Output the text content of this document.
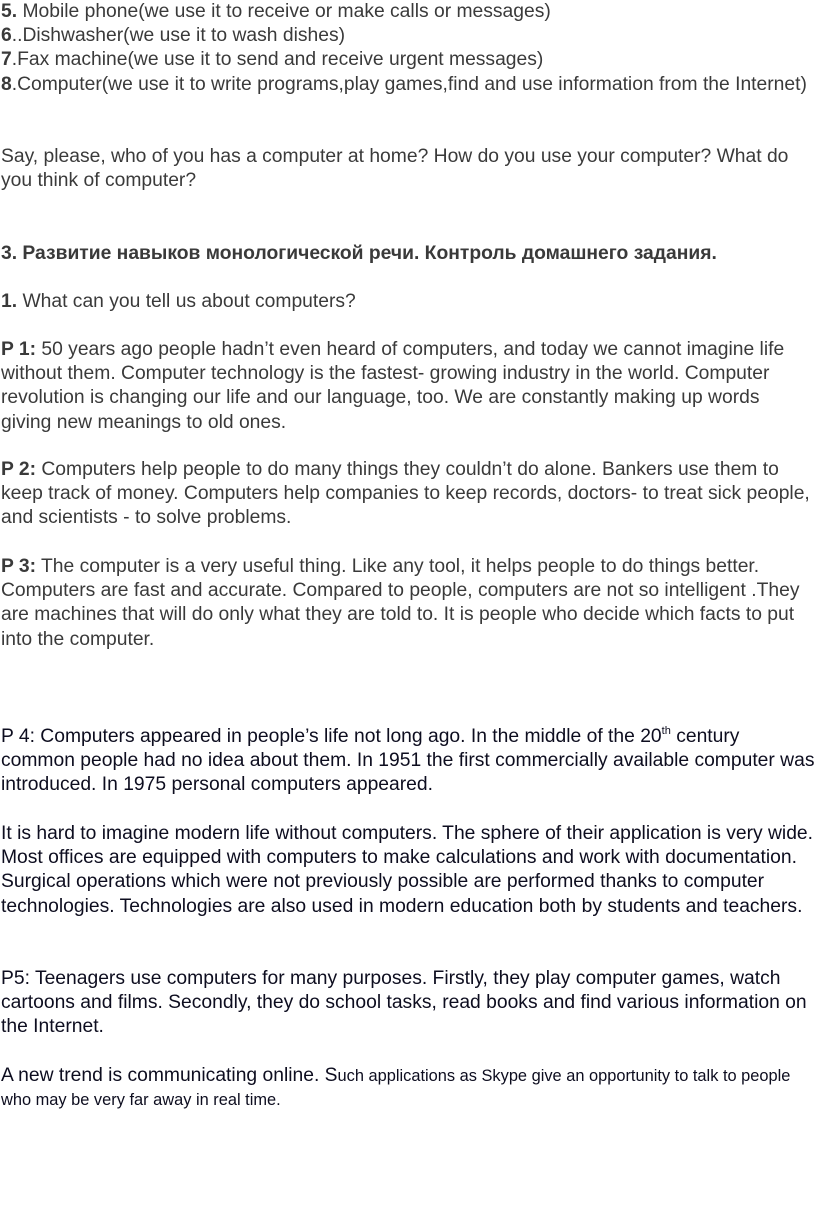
5. Mobile phone(we use it to receive or make calls or messages)
6..Dishwasher(we use it to wash dishes)
7.Fax machine(we use it to send and receive urgent messages)
8.Computer(we use it to write programs,play games,find and use information from the Internet)

Say, please, who of you has a computer at home? How do you use your computer? What do you think of computer?

3. Развитие навыков монологической речи. Контроль домашнего задания.

1. What can you tell us about computers?

P 1: 50 years ago people hadn’t even heard of computers, and today we cannot imagine life without them. Computer technology is the fastest- growing industry in the world. Computer revolution is changing our life and our language, too. We are constantly making up words giving new meanings to old ones.

P 2: Computers help people to do many things they couldn’t do alone. Bankers use them to keep track of money. Computers help companies to keep records, doctors- to treat sick people, and scientists - to solve problems.

P 3: The computer is a very useful thing. Like any tool, it helps people to do things better. Computers are fast and accurate. Compared to people, computers are not so intelligent .They are machines that will do only what they are told to. It is people who decide which facts to put into the computer.

P 4: Computers appeared in people’s life not long ago. In the middle of the 20th century common people had no idea about them. In 1951 the first commercially available computer was introduced. In 1975 personal computers appeared.

It is hard to imagine modern life without computers. The sphere of their application is very wide. Most offices are equipped with computers to make calculations and work with documentation. Surgical operations which were not previously possible are performed thanks to computer technologies. Technologies are also used in modern education both by students and teachers.

P5: Teenagers use computers for many purposes. Firstly, they play computer games, watch cartoons and films. Secondly, they do school tasks, read books and find various information on the Internet.

A new trend is communicating online. Such applications as Skype give an opportunity to talk to people who may be very far away in real time.
